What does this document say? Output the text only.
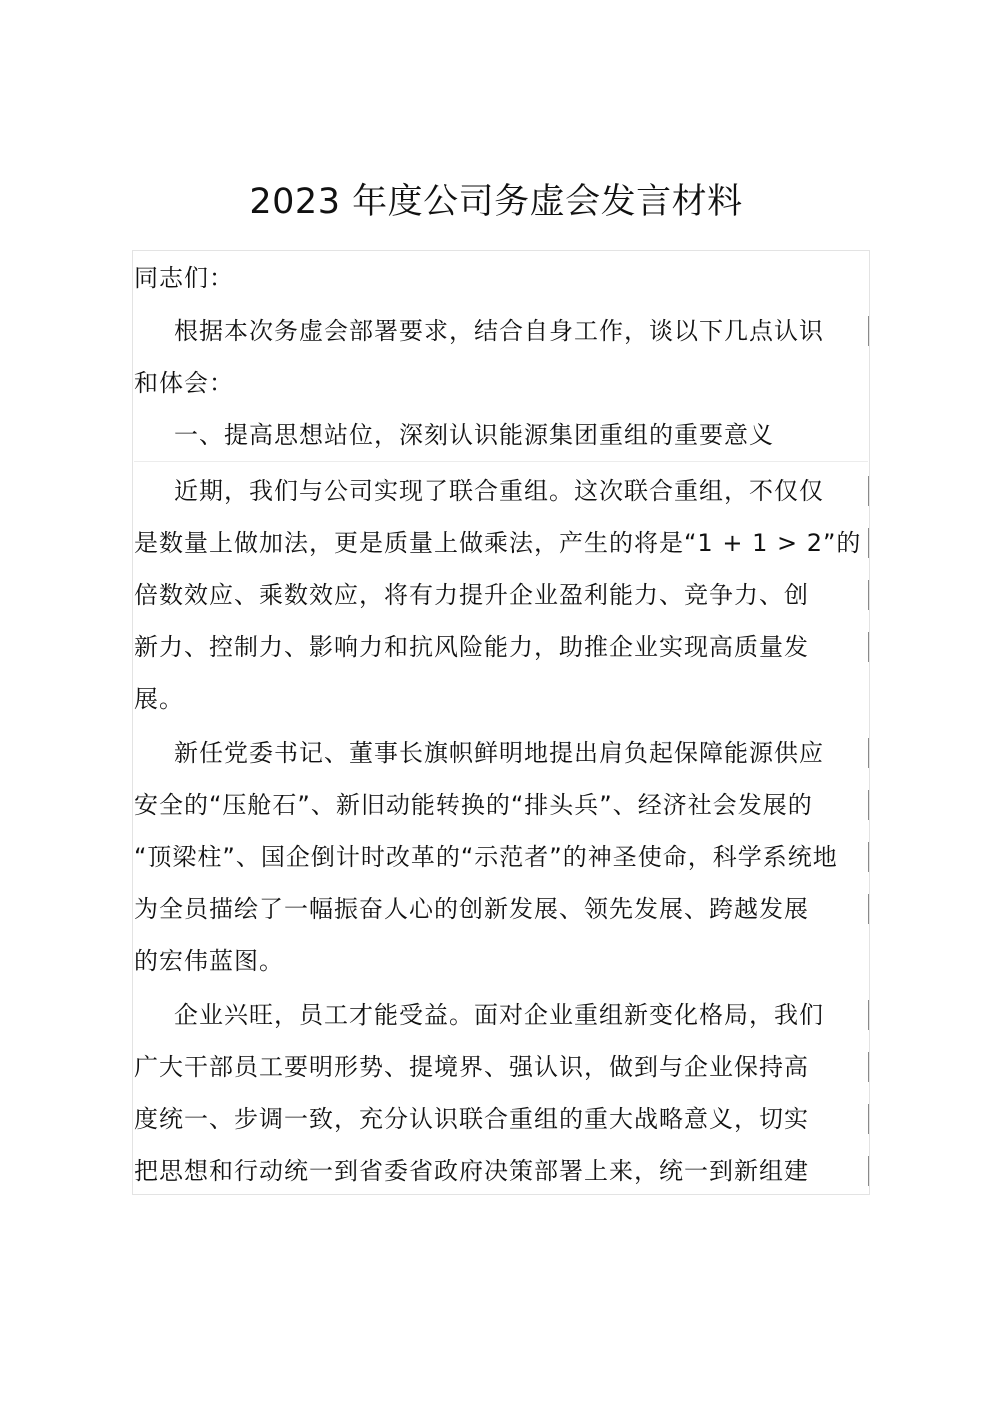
2023 年度公司务虚会发言材料
同志们：
根据本次务虚会部署要求，结合自身工作，谈以下几点认识
和体会：
一、提高思想站位，深刻认识能源集团重组的重要意义
近期，我们与公司实现了联合重组。这次联合重组，不仅仅
是数量上做加法，更是质量上做乘法，产生的将是“1 + 1 > 2”的
倍数效应、乘数效应，将有力提升企业盈利能力、竞争力、创
新力、控制力、影响力和抗风险能力，助推企业实现高质量发
展。
新任党委书记、董事长旗帜鲜明地提出肩负起保障能源供应
安全的“压舱石”、新旧动能转换的“排头兵”、经济社会发展的
“顶梁柱”、国企倒计时改革的“示范者”的神圣使命，科学系统地
为全员描绘了一幅振奋人心的创新发展、领先发展、跨越发展
的宏伟蓝图。
企业兴旺，员工才能受益。面对企业重组新变化格局，我们
广大干部员工要明形势、提境界、强认识，做到与企业保持高
度统一、步调一致，充分认识联合重组的重大战略意义，切实
把思想和行动统一到省委省政府决策部署上来，统一到新组建
